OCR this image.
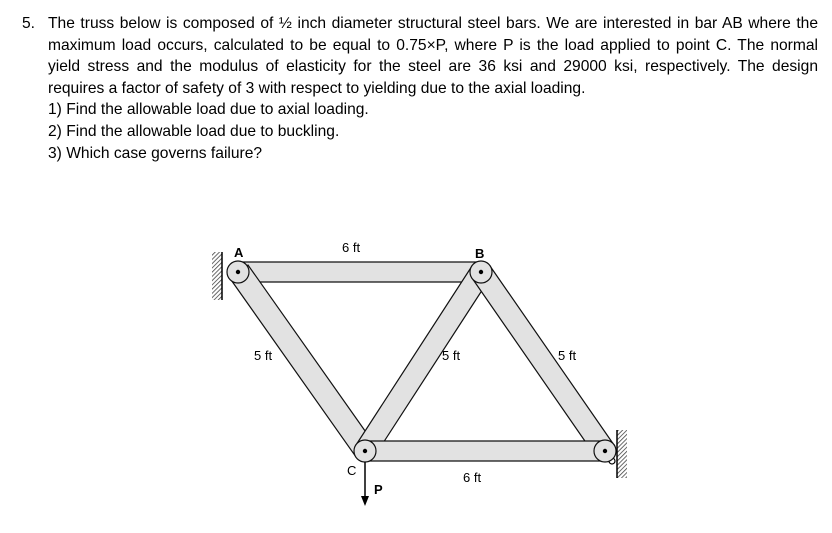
5. The truss below is composed of ½ inch diameter structural steel bars. We are interested in bar AB where the maximum load occurs, calculated to be equal to 0.75×P, where P is the load applied to point C. The normal yield stress and the modulus of elasticity for the steel are 36 ksi and 29000 ksi, respectively. The design requires a factor of safety of 3 with respect to yielding due to the axial loading.
1) Find the allowable load due to axial loading.
2) Find the allowable load due to buckling.
3) Which case governs failure?
A	B
C
P
6 ft
5 ft	5 ft	5 ft
6 ft
